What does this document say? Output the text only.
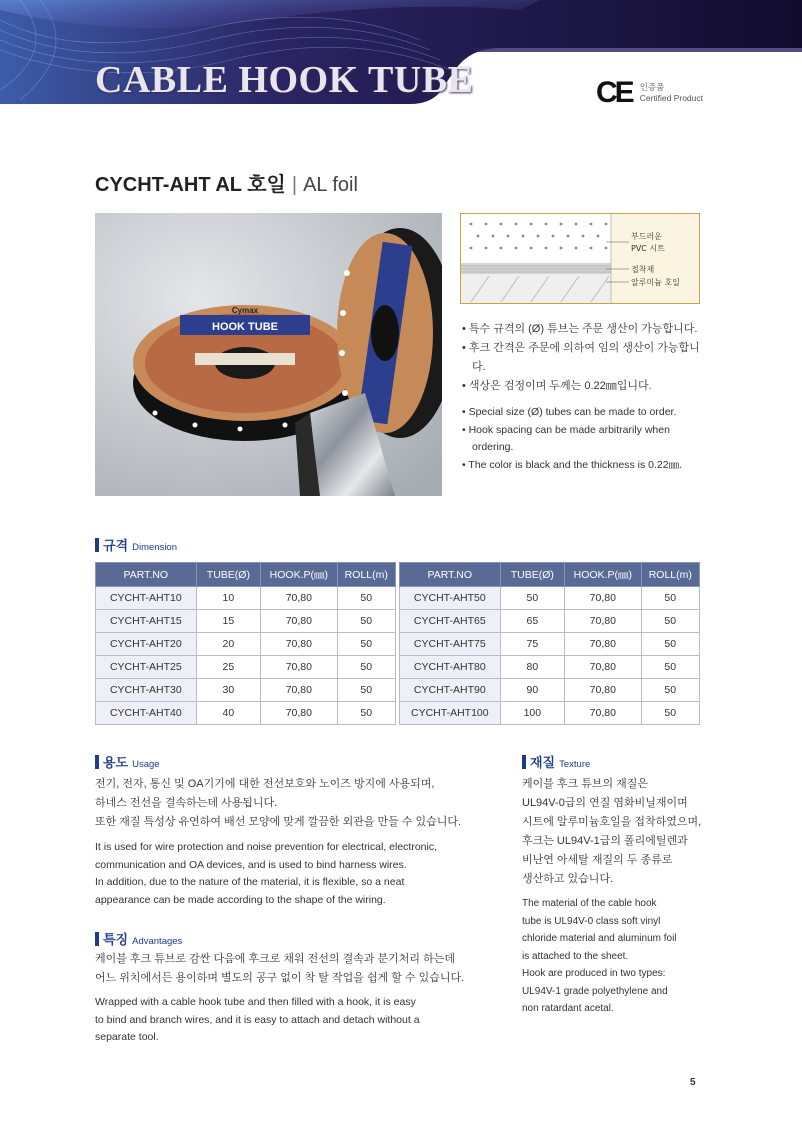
CABLE HOOK TUBE	CE 인증품
Certified Product
CYCHT-AHT AL 호일 | AL foil
HOOK TUBE
Cymax
부드러운
PVC 시트
접착제
알루미늄 호일

• 특수 규격의 (Ø) 튜브는 주문 생산이 가능합니다.

• 후크 간격은 주문에 의하여 임의 생산이 가능합니다.

• 색상은 검정이며 두께는 0.22㎜입니다.

• Special size (Ø) tubes can be made to order.

• Hook spacing can be made arbitrarily when ordering.

• The color is black and the thickness is 0.22㎜.

규격 Dimension
PART.NO	TUBE(Ø)	HOOK.P(㎜)	ROLL(m)		PART.NO	TUBE(Ø)	HOOK.P(㎜)	ROLL(m)
CYCHT-AHT10	10	70,80	50		CYCHT-AHT50	50	70,80	50
CYCHT-AHT15	15	70,80	50		CYCHT-AHT65	65	70,80	50
CYCHT-AHT20	20	70,80	50		CYCHT-AHT75	75	70,80	50
CYCHT-AHT25	25	70,80	50		CYCHT-AHT80	80	70,80	50
CYCHT-AHT30	30	70,80	50		CYCHT-AHT90	90	70,80	50
CYCHT-AHT40	40	70,80	50		CYCHT-AHT100	100	70,80	50
용도 Usage
전기, 전자, 통신 및 OA기기에 대한 전선보호와 노이즈 방지에 사용되며,
하네스 전선을 결속하는데 사용됩니다.
또한 재질 특성상 유연하여 배선 모양에 맞게 깔끔한 외관을 만들 수 있습니다.
It is used for wire protection and noise prevention for electrical, electronic,
communication and OA devices, and is used to bind harness wires.
In addition, due to the nature of the material, it is flexible, so a neat
appearance can be made according to the shape of the wiring.
특징 Advantages
케이블 후크 튜브로 감싼 다음에 후크로 채워 전선의 결속과 분기처리 하는데
어느 위치에서든 용이하며 별도의 공구 없이 착 탈 작업을 쉽게 할 수 있습니다.
Wrapped with a cable hook tube and then filled with a hook, it is easy
to bind and branch wires, and it is easy to attach and detach without a
separate tool.
재질 Texture
케이블 후크 튜브의 재질은
UL94V-0급의 연질 염화비닐재이며
시트에 알루미늄호일을 접착하였으며,
후크는 UL94V-1급의 폴리에틸렌과
비난연 아세탈 재질의 두 종류로
생산하고 있습니다.
The material of the cable hook
tube is UL94V-0 class soft vinyl
chloride material and aluminum foil
is attached to the sheet.
Hook are produced in two types:
UL94V-1 grade polyethylene and
non ratardant acetal.
5
